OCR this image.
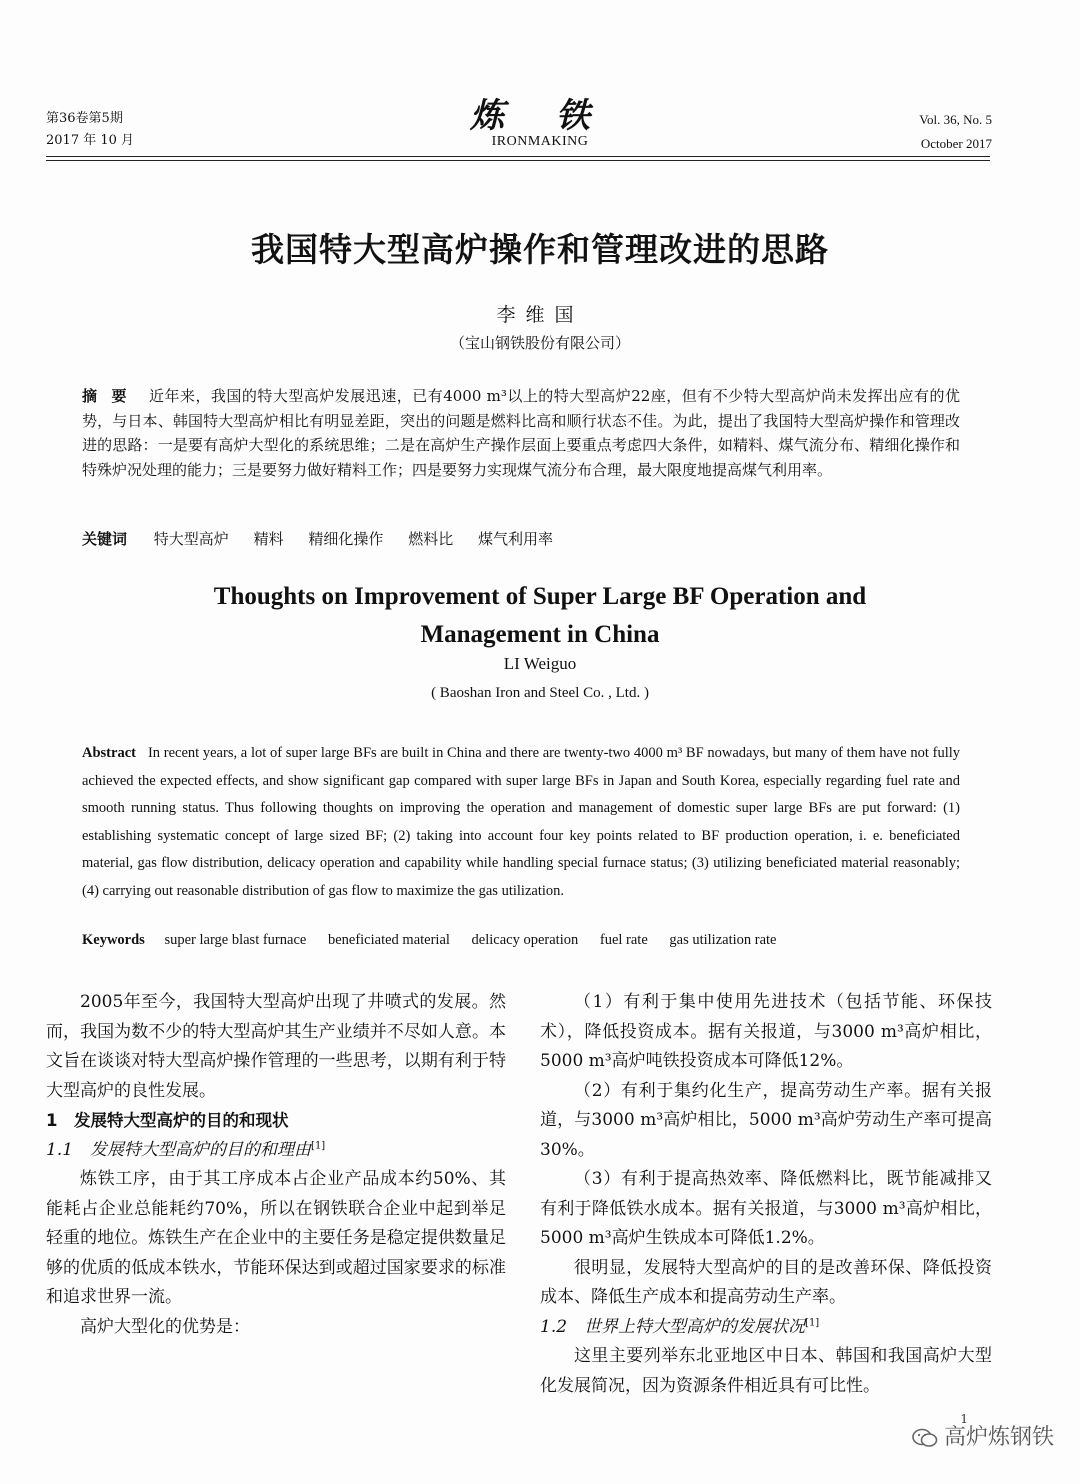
第36卷第5期
2017 年 10 月
炼 铁
IRONMAKING
Vol. 36, No. 5
October 2017
我国特大型高炉操作和管理改进的思路
李维国
（宝山钢铁股份有限公司）
摘要 近年来，我国的特大型高炉发展迅速，已有4000 m³以上的特大型高炉22座，但有不少特大型高炉尚未发挥出应有的优势，与日本、韩国特大型高炉相比有明显差距，突出的问题是燃料比高和顺行状态不佳。为此，提出了我国特大型高炉操作和管理改进的思路：一是要有高炉大型化的系统思维；二是在高炉生产操作层面上要重点考虑四大条件，如精料、煤气流分布、精细化操作和特殊炉况处理的能力；三是要努力做好精料工作；四是要努力实现煤气流分布合理，最大限度地提高煤气利用率。
关键词 特大型高炉 精料 精细化操作 燃料比 煤气利用率
Thoughts on Improvement of Super Large BF Operation and
Management in China
LI Weiguo
( Baoshan Iron and Steel Co. , Ltd. )
Abstract In recent years, a lot of super large BFs are built in China and there are twenty-two 4000 m³ BF nowadays, but many of them have not fully achieved the expected effects, and show significant gap compared with super large BFs in Japan and South Korea, especially regarding fuel rate and smooth running status. Thus following thoughts on improving the operation and management of domestic super large BFs are put forward: (1) establishing systematic concept of large sized BF; (2) taking into account four key points related to BF production operation, i. e. beneficiated material, gas flow distribution, delicacy operation and capability while handling special furnace status; (3) utilizing beneficiated material reasonably; (4) carrying out reasonable distribution of gas flow to maximize the gas utilization.
Keywords super large blast furnace beneficiated material delicacy operation fuel rate gas utilization rate

2005年至今，我国特大型高炉出现了井喷式的发展。然而，我国为数不少的特大型高炉其生产业绩并不尽如人意。本文旨在谈谈对特大型高炉操作管理的一些思考，以期有利于特大型高炉的良性发展。

1　发展特大型高炉的目的和现状

1.1　发展特大型高炉的目的和理由[1]

炼铁工序，由于其工序成本占企业产品成本约50%、其能耗占企业总能耗约70%，所以在钢铁联合企业中起到举足轻重的地位。炼铁生产在企业中的主要任务是稳定提供数量足够的优质的低成本铁水，节能环保达到或超过国家要求的标准和追求世界一流。

高炉大型化的优势是：

（1）有利于集中使用先进技术（包括节能、环保技术），降低投资成本。据有关报道，与3000 m³高炉相比，5000 m³高炉吨铁投资成本可降低12%。

（2）有利于集约化生产，提高劳动生产率。据有关报道，与3000 m³高炉相比，5000 m³高炉劳动生产率可提高30%。

（3）有利于提高热效率、降低燃料比，既节能减排又有利于降低铁水成本。据有关报道，与3000 m³高炉相比，5000 m³高炉生铁成本可降低1.2%。

很明显，发展特大型高炉的目的是改善环保、降低投资成本、降低生产成本和提高劳动生产率。

1.2　世界上特大型高炉的发展状况[1]

这里主要列举东北亚地区中日本、韩国和我国高炉大型化发展简况，因为资源条件相近具有可比性。

1
高炉炼钢铁
